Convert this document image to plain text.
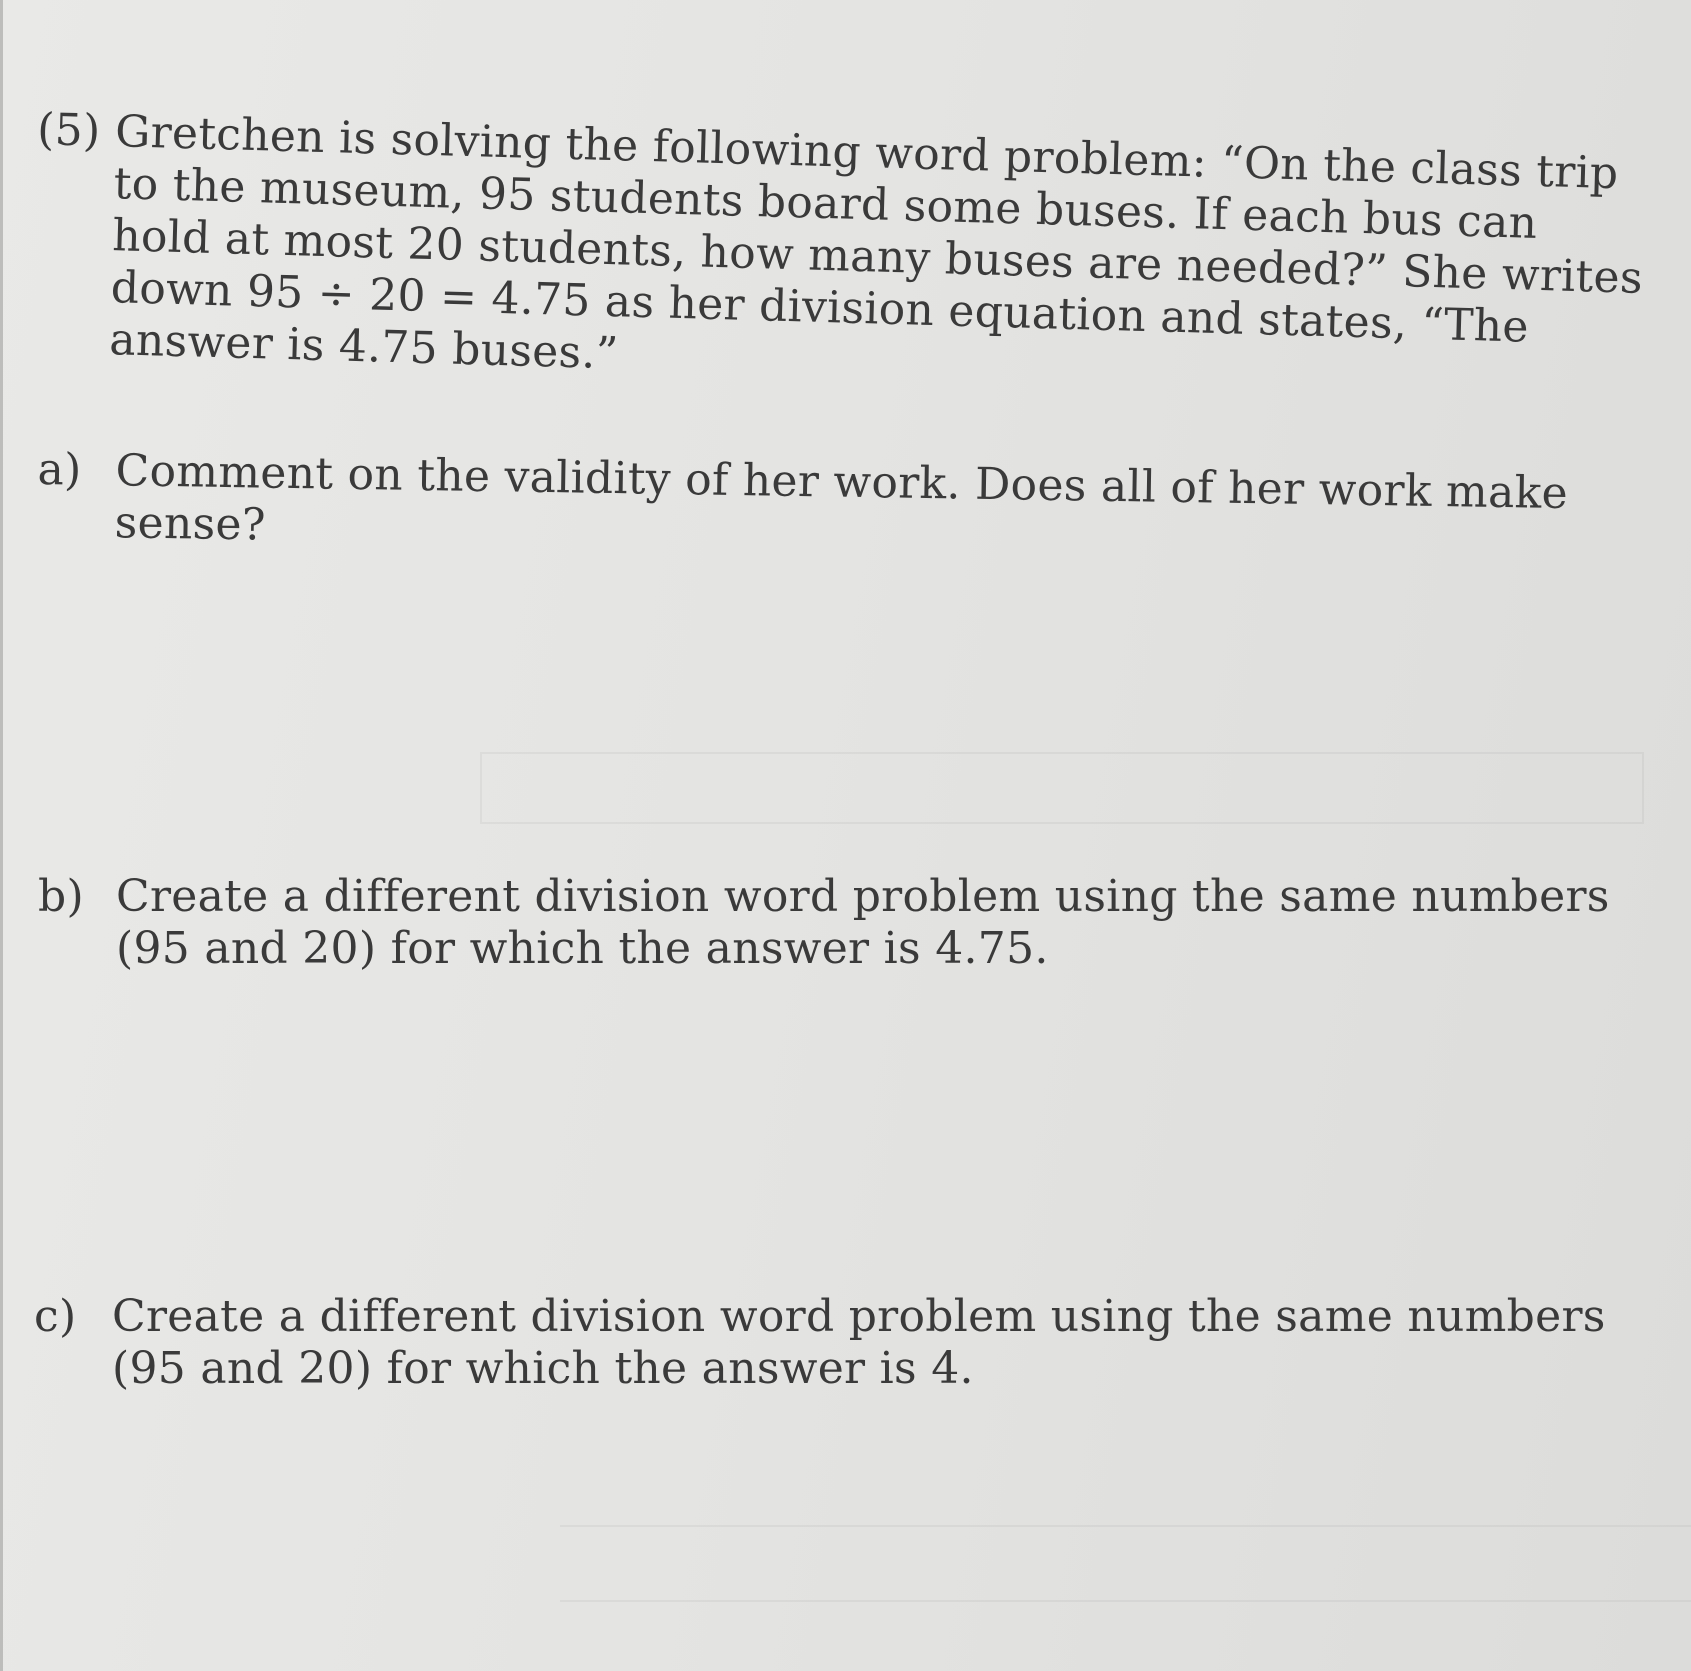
(5) Gretchen is solving the following word problem: “On the class trip to the museum, 95 students board some buses. If each bus can hold at most 20 students, how many buses are needed?” She writes down 95 ÷ 20 = 4.75 as her division equation and states, “The answer is 4.75 buses.”
a) Comment on the validity of her work. Does all of her work make sense?
b) Create a different division word problem using the same numbers (95 and 20) for which the answer is 4.75.
c) Create a different division word problem using the same numbers (95 and 20) for which the answer is 4.
